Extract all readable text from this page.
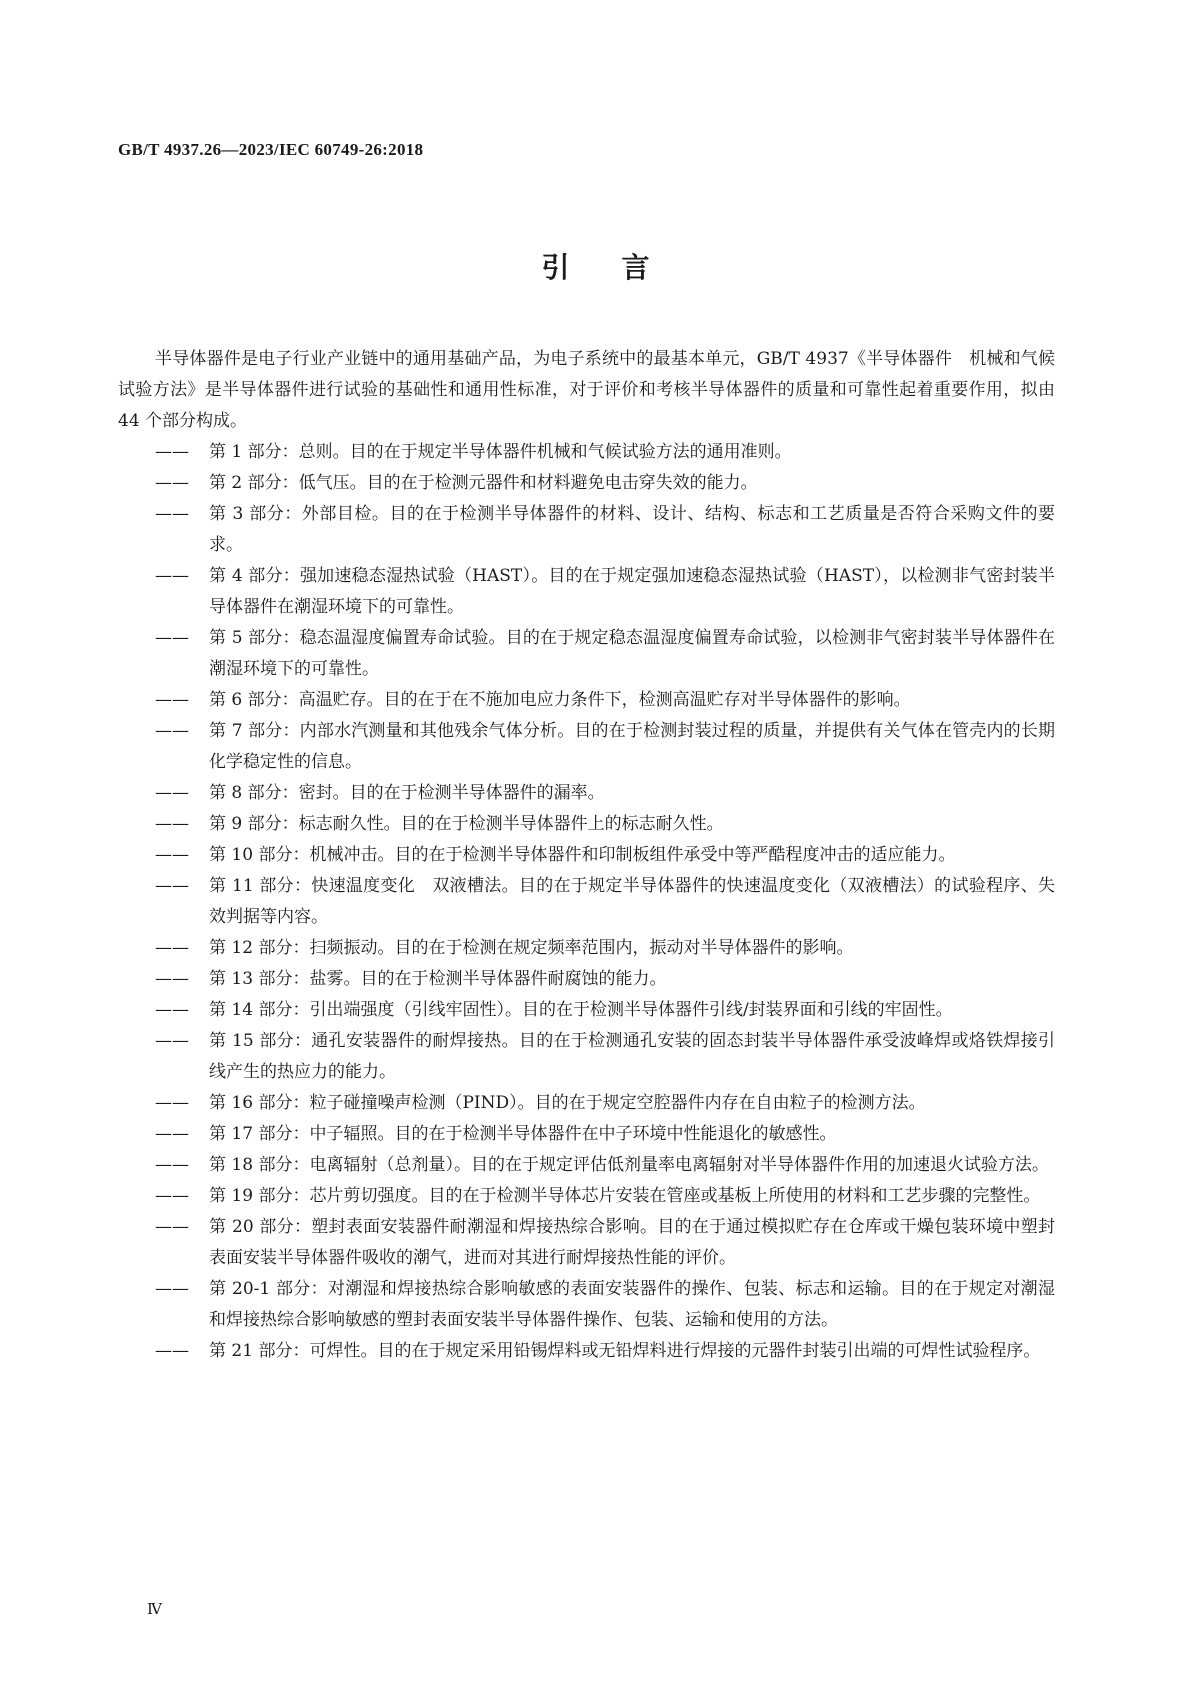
GB/T 4937.26—2023/IEC 60749-26:2018
引言

半导体器件是电子行业产业链中的通用基础产品，为电子系统中的最基本单元，GB/T 4937《半导体器件　机械和气候试验方法》是半导体器件进行试验的基础性和通用性标准，对于评价和考核半导体器件的质量和可靠性起着重要作用，拟由 44 个部分构成。

——	第 1 部分：总则。目的在于规定半导体器件机械和气候试验方法的通用准则。

——	第 2 部分：低气压。目的在于检测元器件和材料避免电击穿失效的能力。

——	第 3 部分：外部目检。目的在于检测半导体器件的材料、设计、结构、标志和工艺质量是否符合采购文件的要求。

——	第 4 部分：强加速稳态湿热试验（HAST）。目的在于规定强加速稳态湿热试验（HAST），以检测非气密封装半导体器件在潮湿环境下的可靠性。

——	第 5 部分：稳态温湿度偏置寿命试验。目的在于规定稳态温湿度偏置寿命试验，以检测非气密封装半导体器件在潮湿环境下的可靠性。

——	第 6 部分：高温贮存。目的在于在不施加电应力条件下，检测高温贮存对半导体器件的影响。

——	第 7 部分：内部水汽测量和其他残余气体分析。目的在于检测封装过程的质量，并提供有关气体在管壳内的长期化学稳定性的信息。

——	第 8 部分：密封。目的在于检测半导体器件的漏率。

——	第 9 部分：标志耐久性。目的在于检测半导体器件上的标志耐久性。

——	第 10 部分：机械冲击。目的在于检测半导体器件和印制板组件承受中等严酷程度冲击的适应能力。

——	第 11 部分：快速温度变化　双液槽法。目的在于规定半导体器件的快速温度变化（双液槽法）的试验程序、失效判据等内容。

——	第 12 部分：扫频振动。目的在于检测在规定频率范围内，振动对半导体器件的影响。

——	第 13 部分：盐雾。目的在于检测半导体器件耐腐蚀的能力。

——	第 14 部分：引出端强度（引线牢固性）。目的在于检测半导体器件引线/封装界面和引线的牢固性。

——	第 15 部分：通孔安装器件的耐焊接热。目的在于检测通孔安装的固态封装半导体器件承受波峰焊或烙铁焊接引线产生的热应力的能力。

——	第 16 部分：粒子碰撞噪声检测（PIND）。目的在于规定空腔器件内存在自由粒子的检测方法。

——	第 17 部分：中子辐照。目的在于检测半导体器件在中子环境中性能退化的敏感性。

——	第 18 部分：电离辐射（总剂量）。目的在于规定评估低剂量率电离辐射对半导体器件作用的加速退火试验方法。

——	第 19 部分：芯片剪切强度。目的在于检测半导体芯片安装在管座或基板上所使用的材料和工艺步骤的完整性。

——	第 20 部分：塑封表面安装器件耐潮湿和焊接热综合影响。目的在于通过模拟贮存在仓库或干燥包装环境中塑封表面安装半导体器件吸收的潮气，进而对其进行耐焊接热性能的评价。

——	第 20-1 部分：对潮湿和焊接热综合影响敏感的表面安装器件的操作、包装、标志和运输。目的在于规定对潮湿和焊接热综合影响敏感的塑封表面安装半导体器件操作、包装、运输和使用的方法。

——	第 21 部分：可焊性。目的在于规定采用铅锡焊料或无铅焊料进行焊接的元器件封装引出端的可焊性试验程序。

Ⅳ
